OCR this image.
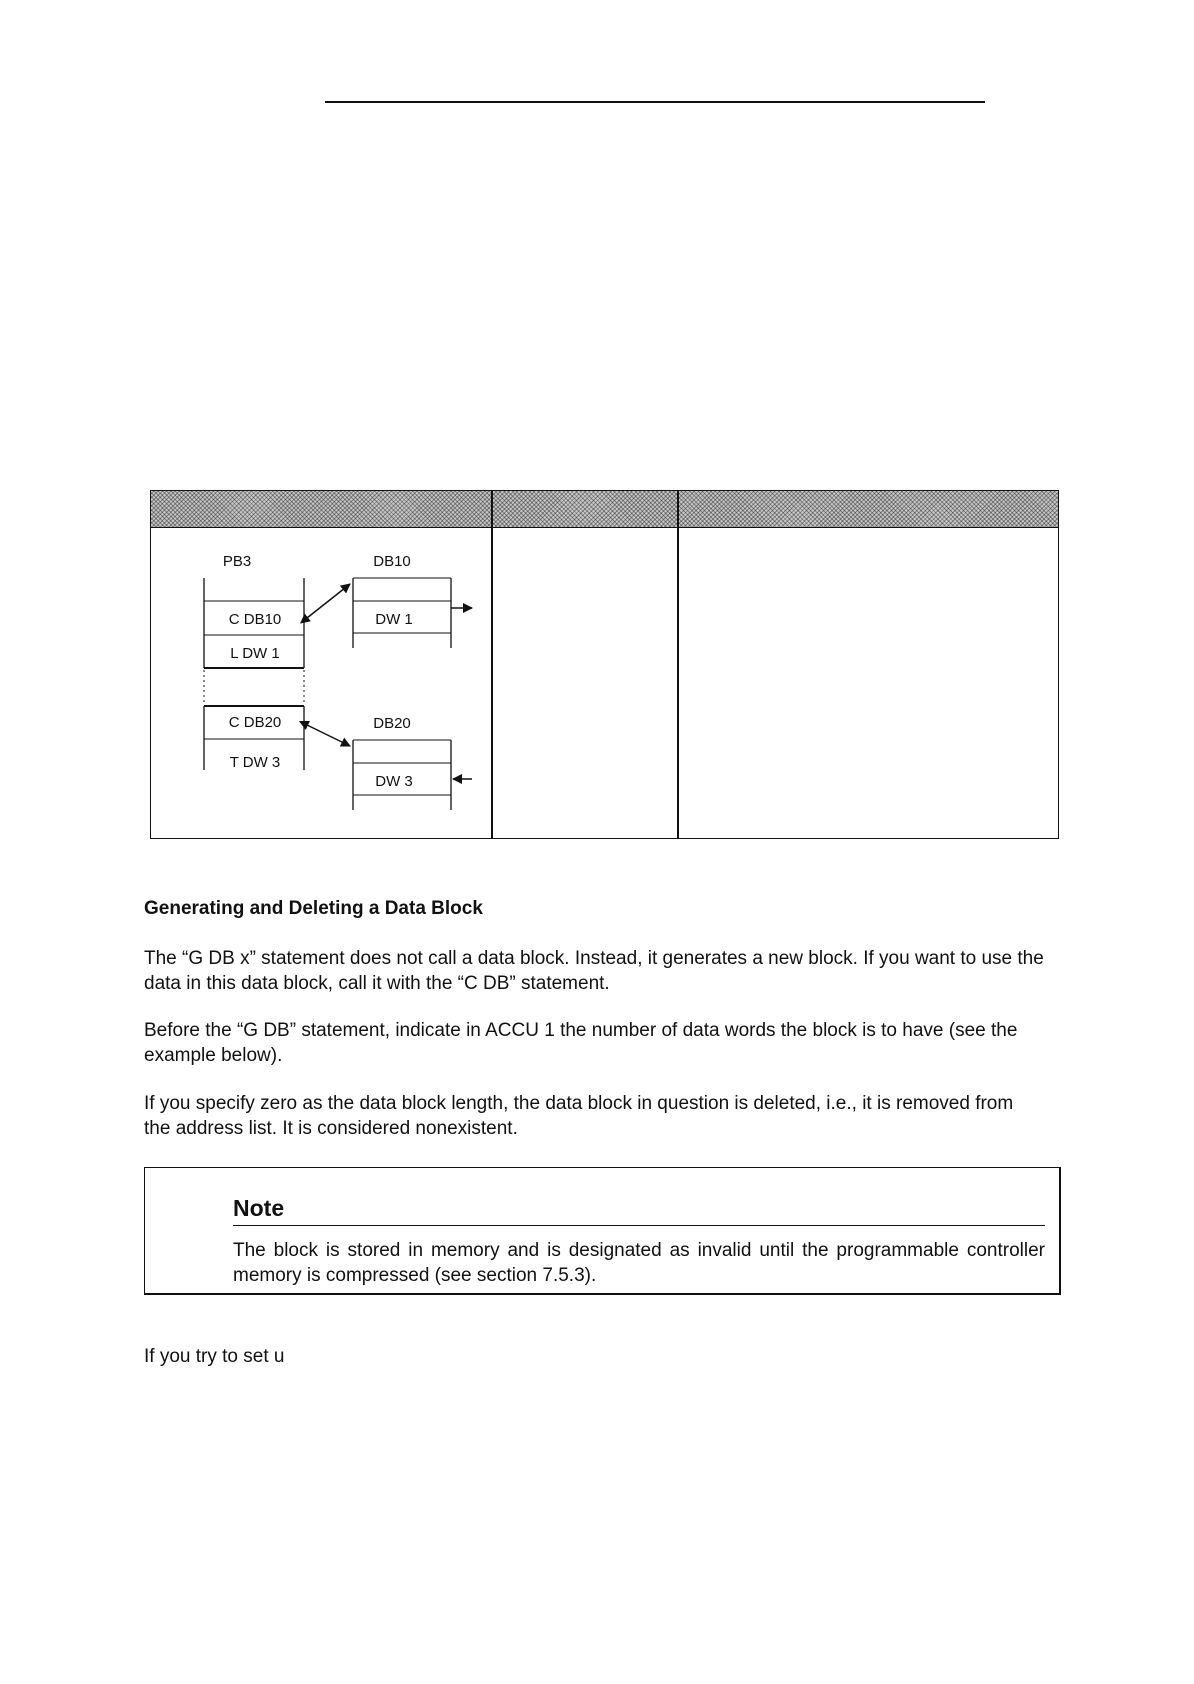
PB3	DB10
DB20
C DB10
L DW 1
C DB20
T DW 3
DW 1
DW 3
Generating and Deleting a Data Block

The “G DB x” statement does not call a data block. Instead, it generates a new block. If you want to use the data in this data block, call it with the “C DB” statement.

Before the “G DB” statement, indicate in ACCU 1 the number of data words the block is to have (see the example below).

If you specify zero as the data block length, the data block in question is deleted, i.e., it is removed from the address list. It is considered nonexistent.

Note

The block is stored in memory and is designated as invalid until the programmable controller memory is compressed (see section 7.5.3).

If you try to set u
